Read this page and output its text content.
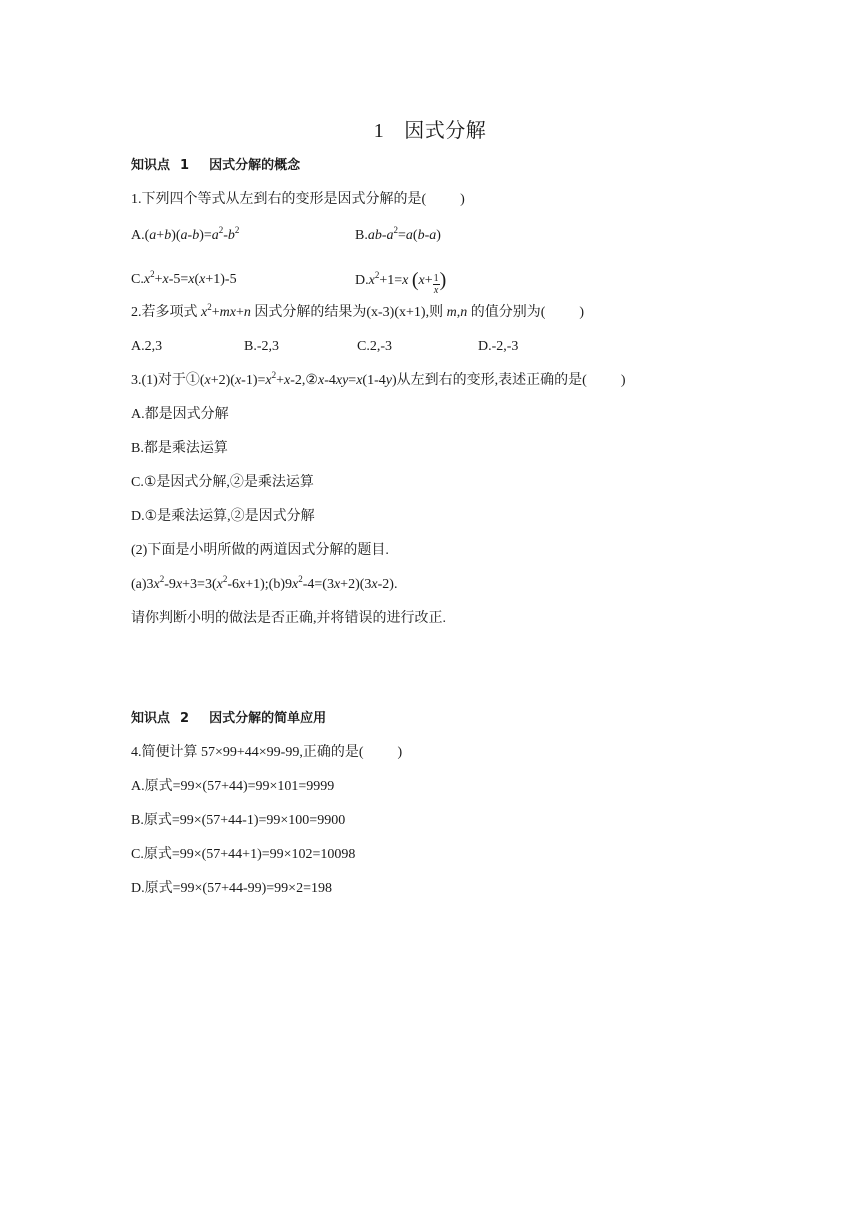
1 因式分解
知识点 1 因式分解的概念
1.下列四个等式从左到右的变形是因式分解的是( )
$A.(a+b)(a-b)=a^2-b^2$	$B.ab-a^2=a(b-a)$
$C.x^2+x-5=x(x+1)-5$	$D.x^2+1=x$ ($x+ \frac{1}{x}$ )
2.若多项式 $x^2+mx+n$ 因式分解的结果为(x-3)(x+1),则 m,n 的值分别为( )
A.2,3	B.-2,3	C.2,-3	D.-2,-3
3.(1)对于$①(x+2)(x-1)=x^2+x-2,②x-4xy=x(1-4y)$从左到右的变形,表述正确的是( )
A.都是因式分解
B.都是乘法运算
C.①是因式分解,②是乘法运算
D.①是乘法运算,②是因式分解
(2)下面是小明所做的两道因式分解的题目.
$(a)3x^2-9x+3=3(x^2-6x+1);(b)9x^2-4=(3x+2)(3x-2)$.
请你判断小明的做法是否正确,并将错误的进行改正.
知识点 2 因式分解的简单应用
4.简便计算 57×99+44×99-99,正确的是( )
A.原式=99×(57+44)=99×101=9999
B.原式=99×(57+44-1)=99×100=9900
C.原式=99×(57+44+1)=99×102=10098
D.原式=99×(57+44-99)=99×2=198
